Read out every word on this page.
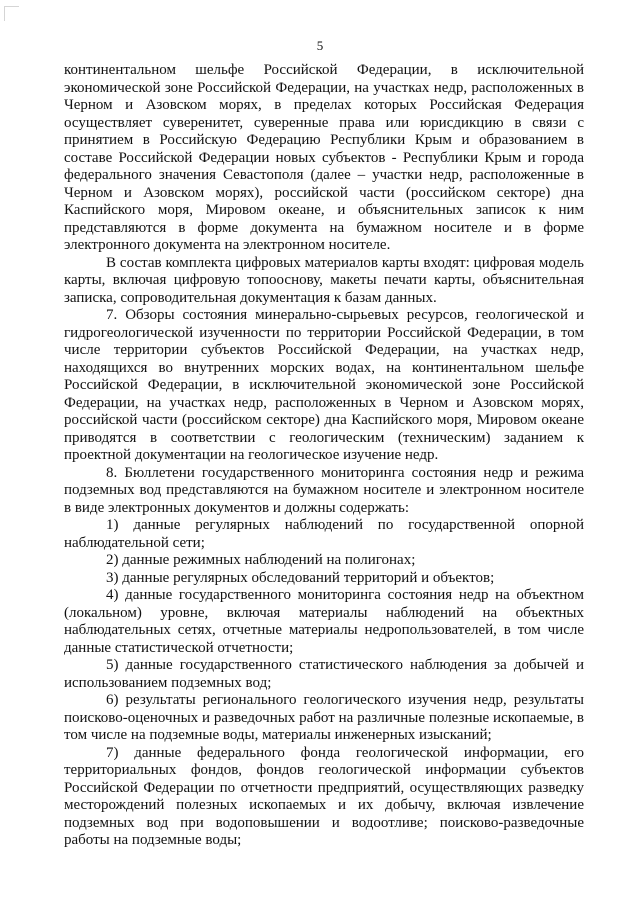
5

континентальном шельфе Российской Федерации, в исключительной экономической зоне Российской Федерации, на участках недр, расположенных в Черном и Азовском морях, в пределах которых Российская Федерация осуществляет суверенитет, суверенные права или юрисдикцию в связи с принятием в Российскую Федерацию Республики Крым и образованием в составе Российской Федерации новых субъектов - Республики Крым и города федерального значения Севастополя (далее – участки недр, расположенные в Черном и Азовском морях), российской части (российском секторе) дна Каспийского моря, Мировом океане, и объяснительных записок к ним представляются в форме документа на бумажном носителе и в форме электронного документа на электронном носителе.

В состав комплекта цифровых материалов карты входят: цифровая модель карты, включая цифровую топооснову, макеты печати карты, объяснительная записка, сопроводительная документация к базам данных.

7. Обзоры состояния минерально-сырьевых ресурсов, геологической и гидрогеологической изученности по территории Российской Федерации, в том числе территории субъектов Российской Федерации, на участках недр, находящихся во внутренних морских водах, на континентальном шельфе Российской Федерации, в исключительной экономической зоне Российской Федерации, на участках недр, расположенных в Черном и Азовском морях, российской части (российском секторе) дна Каспийского моря, Мировом океане приводятся в соответствии с геологическим (техническим) заданием к проектной документации на геологическое изучение недр.

8. Бюллетени государственного мониторинга состояния недр и режима подземных вод представляются на бумажном носителе и электронном носителе в виде электронных документов и должны содержать:

1) данные регулярных наблюдений по государственной опорной наблюдательной сети;

2) данные режимных наблюдений на полигонах;

3) данные регулярных обследований территорий и объектов;

4) данные государственного мониторинга состояния недр на объектном (локальном) уровне, включая материалы наблюдений на объектных наблюдательных сетях, отчетные материалы недропользователей, в том числе данные статистической отчетности;

5) данные государственного статистического наблюдения за добычей и использованием подземных вод;

6) результаты регионального геологического изучения недр, результаты поисково-оценочных и разведочных работ на различные полезные ископаемые, в том числе на подземные воды, материалы инженерных изысканий;

7) данные федерального фонда геологической информации, его территориальных фондов, фондов геологической информации субъектов Российской Федерации по отчетности предприятий, осуществляющих разведку месторождений полезных ископаемых и их добычу, включая извлечение подземных вод при водоповышении и водоотливе; поисково-разведочные работы на подземные воды;
